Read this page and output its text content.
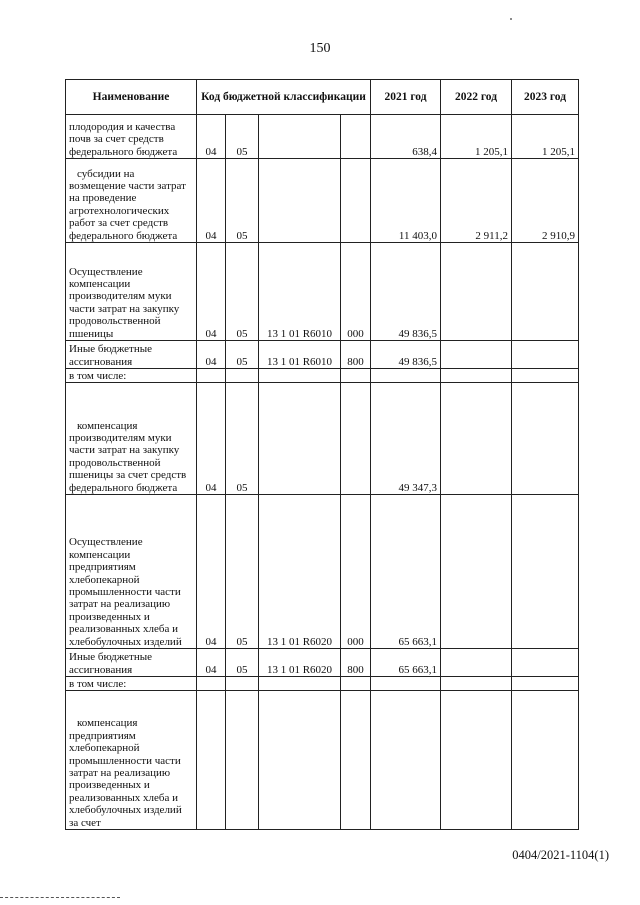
150
Наименование	Код бюджетной классификации				2021 год	2022 год	2023 год
плодородия и качества почв за счет средств федерального бюджета	04	05			638,4	1 205,1	1 205,1
субсидии на возмещение части затрат на проведение агротехнологических работ за счет средств федерального бюджета	04	05			11 403,0	2 911,2	2 910,9
Осуществление компенсации производителям муки части затрат на закупку продовольственной пшеницы	04	05	13 1 01 R6010	000	49 836,5		
Иные бюджетные ассигнования	04	05	13 1 01 R6010	800	49 836,5		
в том числе:							
компенсация производителям муки части затрат на закупку продовольственной пшеницы за счет средств федерального бюджета	04	05			49 347,3		
Осуществление компенсации предприятиям хлебопекарной промышленности части затрат на реализацию произведенных и реализованных хлеба и хлебобулочных изделий	04	05	13 1 01 R6020	000	65 663,1		
Иные бюджетные ассигнования	04	05	13 1 01 R6020	800	65 663,1		
в том числе:							
компенсация предприятиям хлебопекарной промышленности части затрат на реализацию произведенных и реализованных хлеба и хлебобулочных изделий за счет							
0404/2021-1104(1)
